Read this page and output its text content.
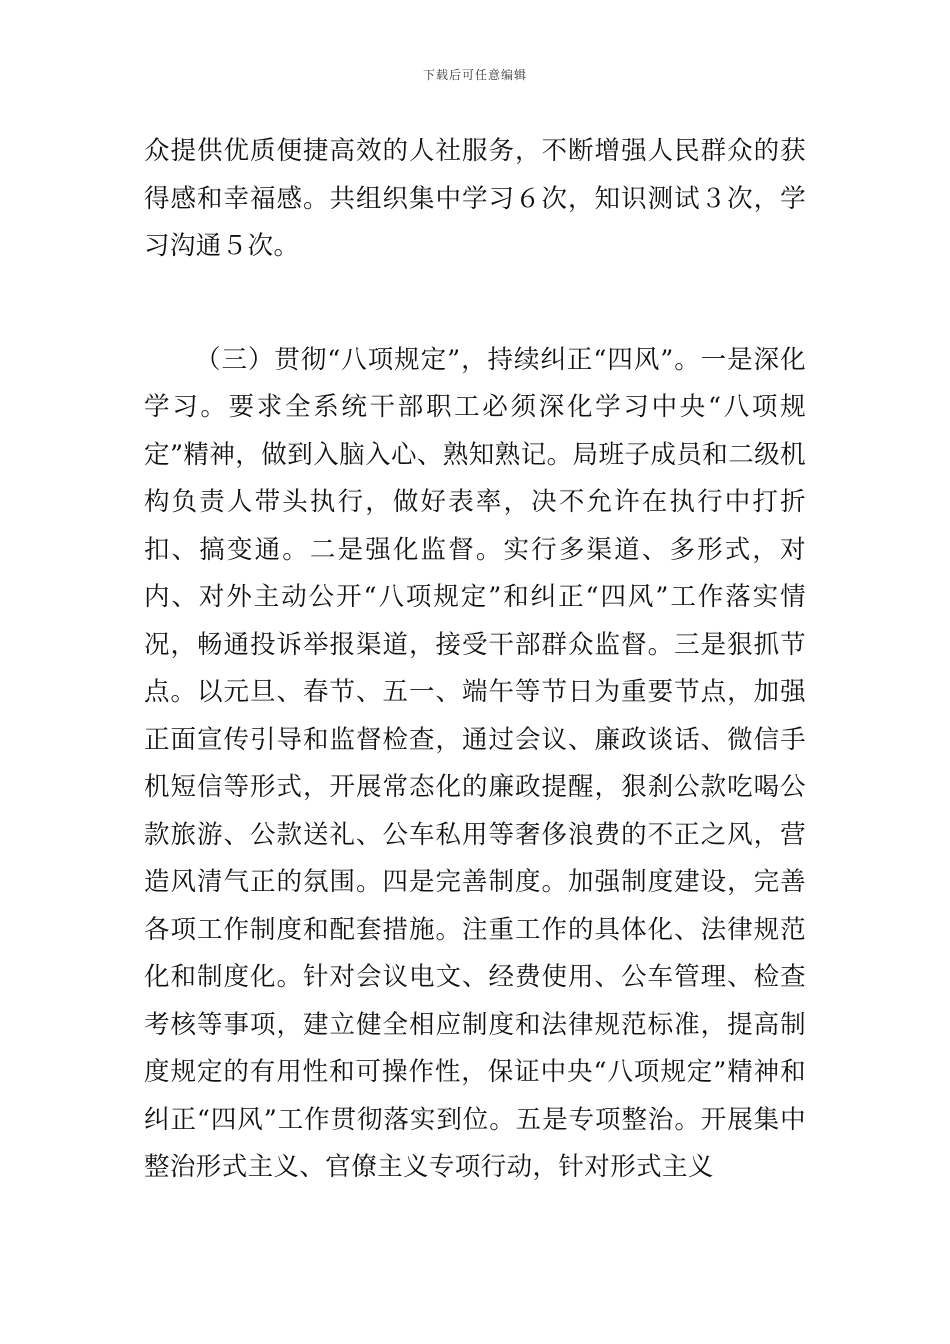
下载后可任意编辑

众提供优质便捷高效的人社服务，不断增强人民群众的获得感和幸福感。共组织集中学习６次，知识测试３次，学习沟通５次。

（三）贯彻“八项规定”，持续纠正“四风”。一是深化学习。要求全系统干部职工必须深化学习中央“八项规定”精神，做到入脑入心、熟知熟记。局班子成员和二级机构负责人带头执行，做好表率，决不允许在执行中打折扣、搞变通。二是强化监督。实行多渠道、多形式，对内、对外主动公开“八项规定”和纠正“四风”工作落实情况，畅通投诉举报渠道，接受干部群众监督。三是狠抓节点。以元旦、春节、五一、端午等节日为重要节点，加强正面宣传引导和监督检查，通过会议、廉政谈话、微信手机短信等形式，开展常态化的廉政提醒，狠刹公款吃喝公款旅游、公款送礼、公车私用等奢侈浪费的不正之风，营造风清气正的氛围。四是完善制度。加强制度建设，完善各项工作制度和配套措施。注重工作的具体化、法律规范化和制度化。针对会议电文、经费使用、公车管理、检查考核等事项，建立健全相应制度和法律规范标准，提高制度规定的有用性和可操作性，保证中央“八项规定”精神和纠正“四风”工作贯彻落实到位。五是专项整治。开展集中整治形式主义、官僚主义专项行动，针对形式主义
